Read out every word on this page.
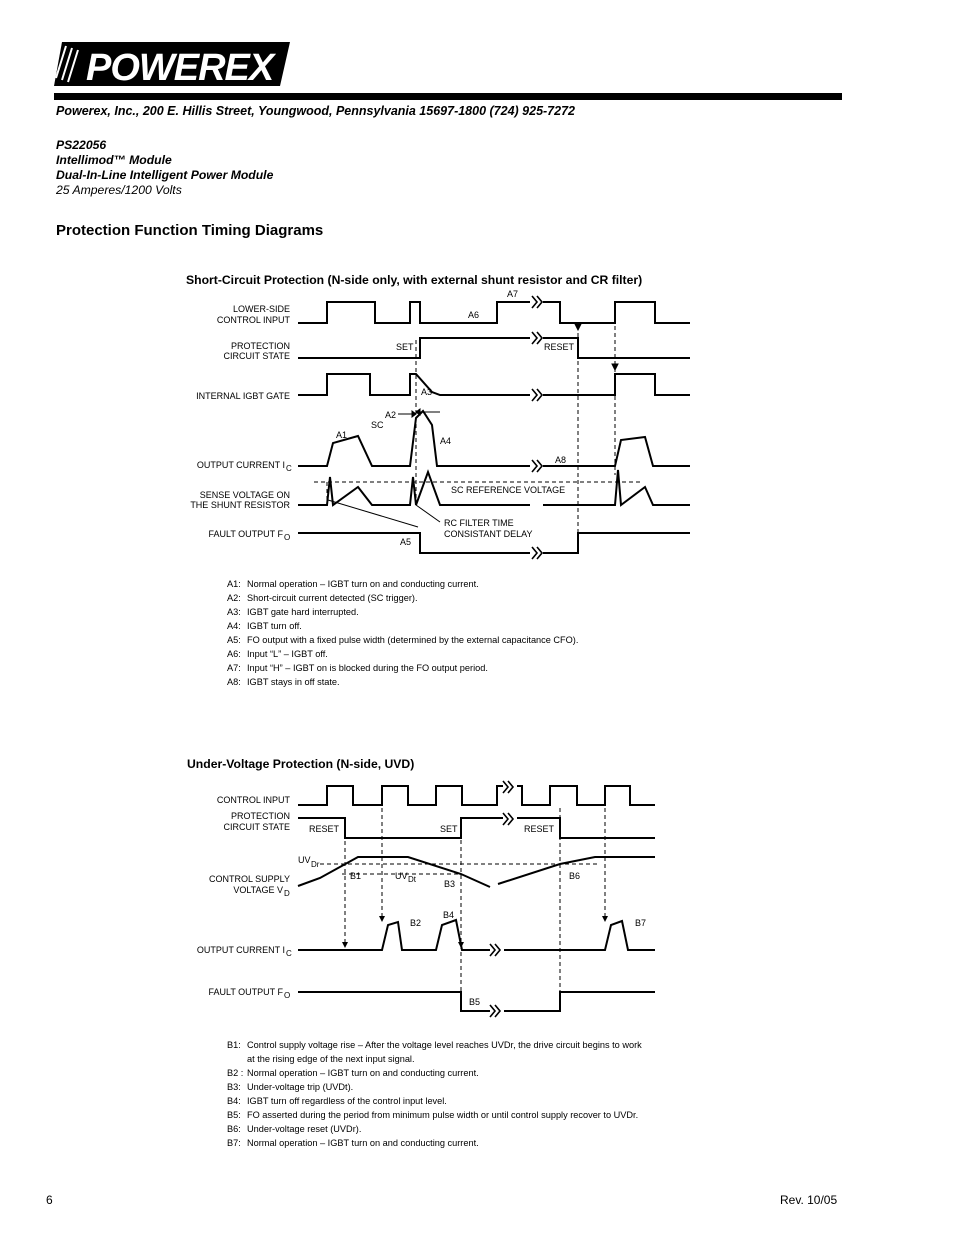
POWEREX
Powerex, Inc., 200 E. Hillis Street, Youngwood, Pennsylvania 15697-1800 (724) 925-7272
PS22056
Intellimod™ Module
Dual-In-Line Intelligent Power Module
25 Amperes/1200 Volts
Protection Function Timing Diagrams
Short-Circuit Protection (N-side only, with external shunt resistor and CR filter)
LOWER-SIDE
CONTROL INPUT
PROTECTION
CIRCUIT STATE
INTERNAL IGBT GATE
OUTPUT CURRENT I C
SENSE VOLTAGE ON
THE SHUNT RESISTOR
FAULT OUTPUT F O
A7
A6
SET	RESET
A3
A2
SC
A1
A4
A8
SC REFERENCE VOLTAGE
RC FILTER TIME
CONSISTANT DELAY
A5
A1: Normal operation – IGBT turn on and conducting current.
A2: Short-circuit current detected (SC trigger).
A3: IGBT gate hard interrupted.
A4: IGBT turn off.
A5: FO output with a fixed pulse width (determined by the external capacitance CFO).
A6: Input “L” – IGBT off.
A7: Input “H” – IGBT on is blocked during the FO output period.
A8: IGBT stays in off state.
Under-Voltage Protection (N-side, UVD)
CONTROL INPUT
PROTECTION
CIRCUIT STATE
CONTROL SUPPLY
VOLTAGE V D
OUTPUT CURRENT I C
FAULT OUTPUT F O
RESET	SET	RESET
UV Dr
B1	UV Dt	B3
B6
B4
B2	B7
B5
B1: Control supply voltage rise – After the voltage level reaches UVDr, the drive circuit begins to work
at the rising edge of the next input signal.
B2 : Normal operation – IGBT turn on and conducting current.
B3: Under-voltage trip (UVDt).
B4: IGBT turn off regardless of the control input level.
B5: FO asserted during the period from minimum pulse width or until control supply recover to UVDr.
B6: Under-voltage reset (UVDr).
B7: Normal operation – IGBT turn on and conducting current.
6	Rev. 10/05
